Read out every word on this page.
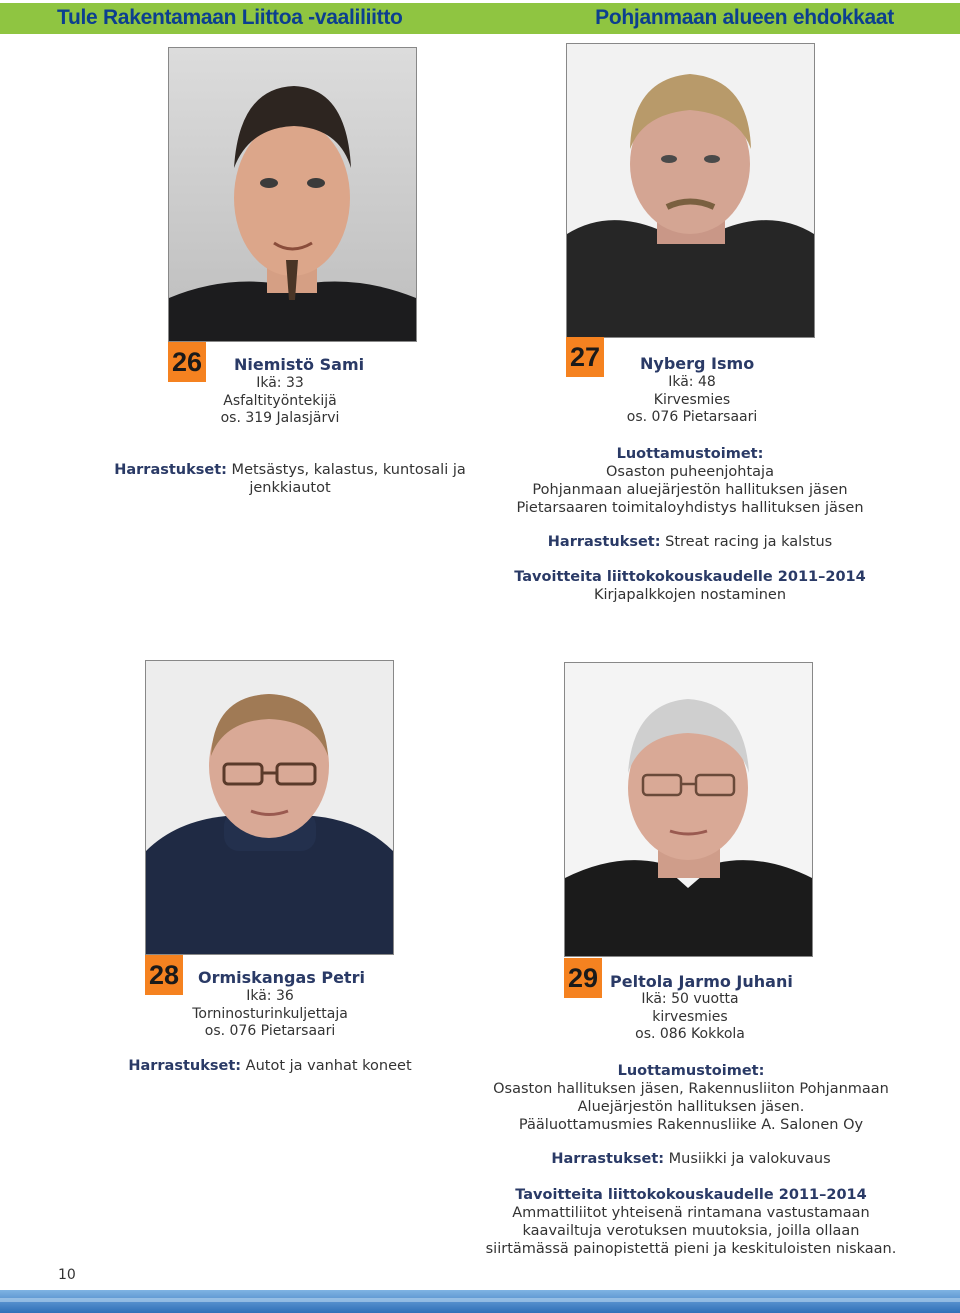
Tule Rakentamaan Liittoa -vaaliliitto	Pohjanmaan alueen ehdokkaat
26 Niemistö Sami
Ikä: 33
Asfaltityöntekijä
os. 319 Jalasjärvi
Harrastukset: Metsästys, kalastus, kuntosali ja
jenkkiautot
27 Nyberg Ismo
Ikä: 48
Kirvesmies
os. 076 Pietarsaari
Luottamustoimet:
Osaston puheenjohtaja
Pohjanmaan aluejärjestön hallituksen jäsen
Pietarsaaren toimitaloyhdistys hallituksen jäsen
Harrastukset: Streat racing ja kalstus
Tavoitteita liittokokouskaudelle 2011–2014
Kirjapalkkojen nostaminen
28 Ormiskangas Petri
Ikä: 36
Torninosturinkuljettaja
os. 076 Pietarsaari
Harrastukset: Autot ja vanhat koneet
29 Peltola Jarmo Juhani
Ikä: 50 vuotta
kirvesmies
os. 086 Kokkola
Luottamustoimet:
Osaston hallituksen jäsen, Rakennusliiton Pohjanmaan
Aluejärjestön hallituksen jäsen.
Pääluottamusmies Rakennusliike A. Salonen Oy
Harrastukset: Musiikki ja valokuvaus
Tavoitteita liittokokouskaudelle 2011–2014
Ammattiliitot yhteisenä rintamana vastustamaan
kaavailtuja verotuksen muutoksia, joilla ollaan
siirtämässä painopistettä pieni ja keskituloisten niskaan.
10
